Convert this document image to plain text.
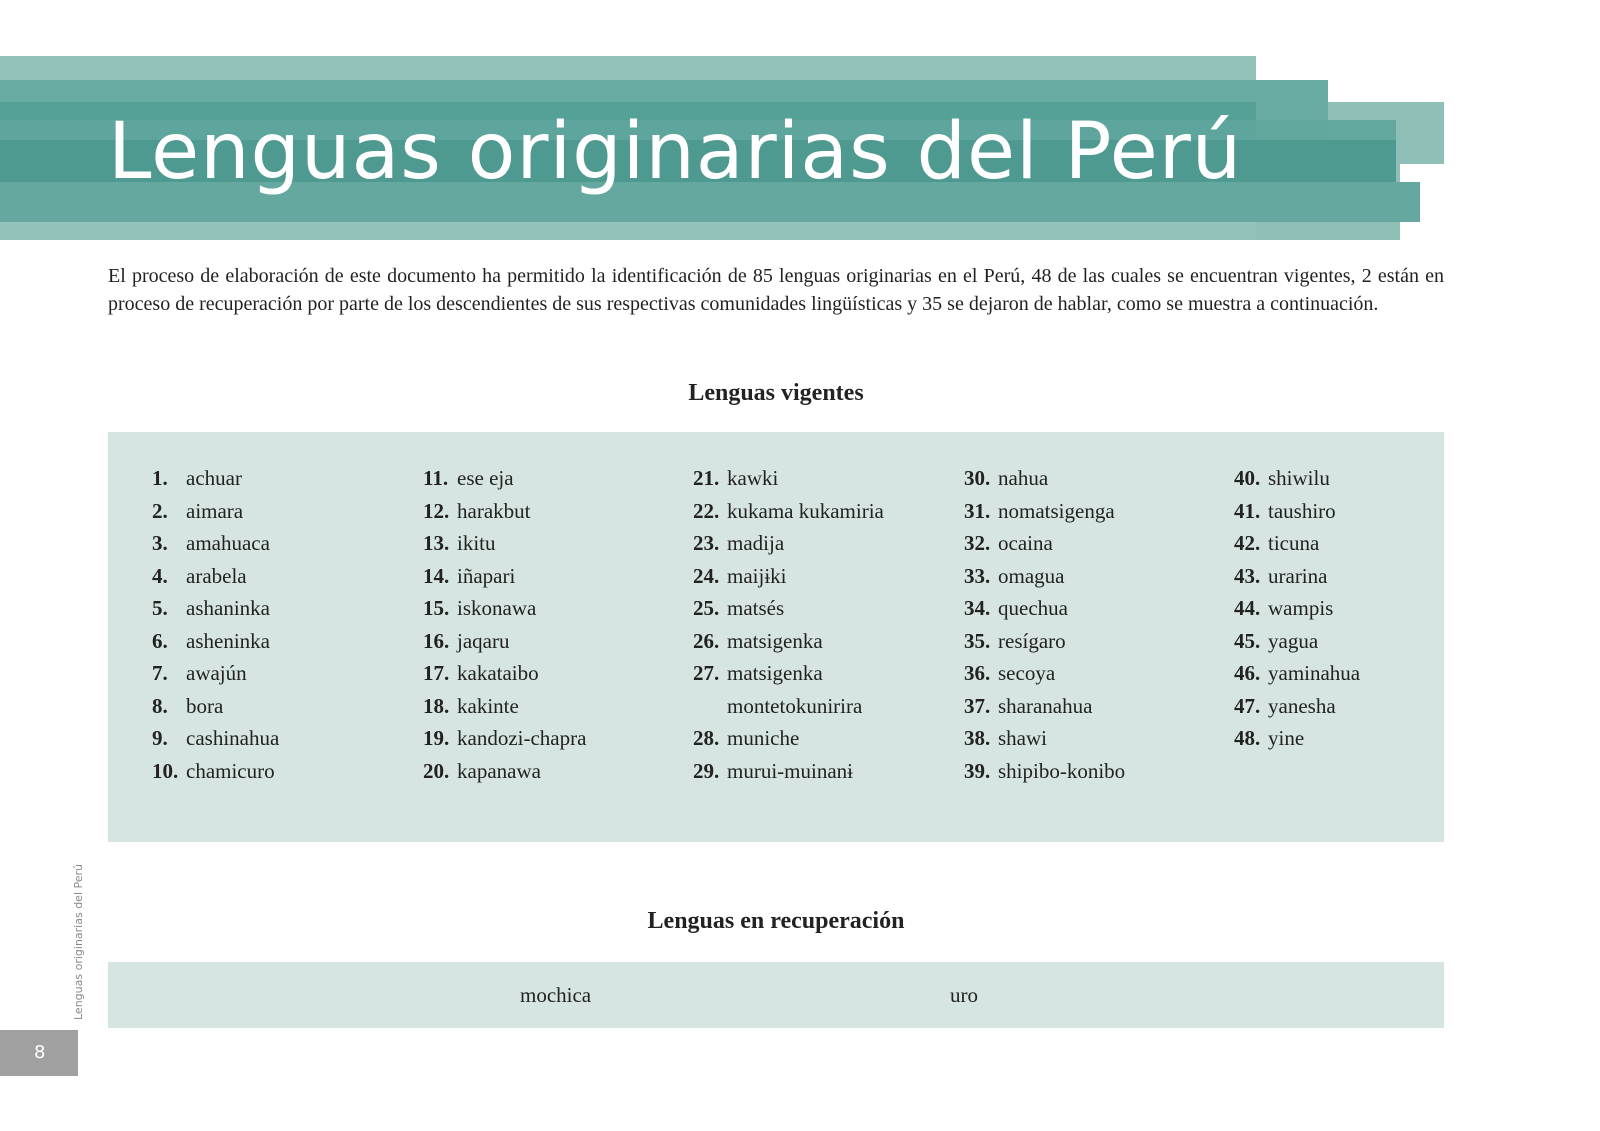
Lenguas originarias del Perú

El proceso de elaboración de este documento ha permitido la identificación de 85 lenguas originarias en el Perú, 48 de las cuales se encuentran vigentes, 2 están en proceso de recuperación por parte de los descendientes de sus respectivas comunidades lingüísticas y 35 se dejaron de hablar, como se muestra a continuación.

Lenguas vigentes
1. achuar
2. aimara
3. amahuaca
4. arabela
5. ashaninka
6. asheninka
7. awajún
8. bora
9. cashinahua
10. chamicuro
11. ese eja
12. harakbut
13. ikitu
14. iñapari
15. iskonawa
16. jaqaru
17. kakataibo
18. kakinte
19. kandozi-chapra
20. kapanawa
21. kawki
22. kukama kukamiria
23. madija
24. maijɨki
25. matsés
26. matsigenka
27. matsigenka
montetokunirira
28. muniche
29. murui-muinanɨ
30. nahua
31. nomatsigenga
32. ocaina
33. omagua
34. quechua
35. resígaro
36. secoya
37. sharanahua
38. shawi
39. shipibo-konibo
40. shiwilu
41. taushiro
42. ticuna
43. urarina
44. wampis
45. yagua
46. yaminahua
47. yanesha
48. yine
Lenguas en recuperación
mochica	uro
Lenguas originarias del Perú
8
